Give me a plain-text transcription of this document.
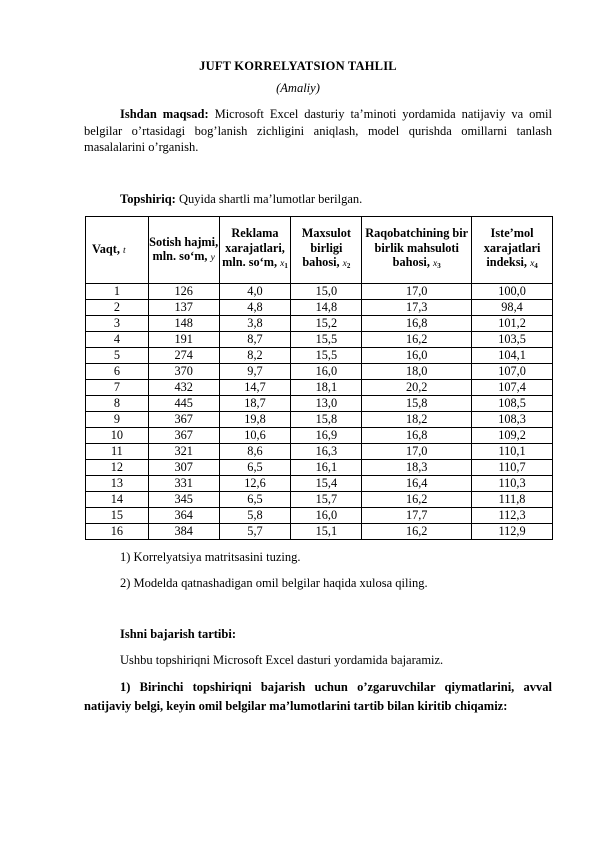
JUFT KORRELYATSION TAHLIL
(Amaliy)
Ishdan maqsad: Microsoft Excel dasturiy ta’minoti yordamida natijaviy va omil belgilar o’rtasidagi bog’lanish zichligini aniqlash, model qurishda omillarni tanlash masalalarini o’rganish.
Topshiriq: Quyida shartli ma’lumotlar berilgan.
Vaqt, t	Sotish hajmi, mln. so‘m, y	Reklama xarajatlari, mln. so‘m, $x_1$	Maxsulot birligi bahosi, $x_2$	Raqobatchining bir birlik mahsuloti bahosi, $x_3$	Iste’mol xarajatlari indeksi, $x_4$
1	126	4,0	15,0	17,0	100,0
2	137	4,8	14,8	17,3	98,4
3	148	3,8	15,2	16,8	101,2
4	191	8,7	15,5	16,2	103,5
5	274	8,2	15,5	16,0	104,1
6	370	9,7	16,0	18,0	107,0
7	432	14,7	18,1	20,2	107,4
8	445	18,7	13,0	15,8	108,5
9	367	19,8	15,8	18,2	108,3
10	367	10,6	16,9	16,8	109,2
11	321	8,6	16,3	17,0	110,1
12	307	6,5	16,1	18,3	110,7
13	331	12,6	15,4	16,4	110,3
14	345	6,5	15,7	16,2	111,8
15	364	5,8	16,0	17,7	112,3
16	384	5,7	15,1	16,2	112,9
1) Korrelyatsiya matritsasini tuzing.
2) Modelda qatnashadigan omil belgilar haqida xulosa qiling.
Ishni bajarish tartibi:
Ushbu topshiriqni Microsoft Excel dasturi yordamida bajaramiz.
1) Birinchi topshiriqni bajarish uchun o’zgaruvchilar qiymatlarini, avval natijaviy belgi, keyin omil belgilar ma’lumotlarini tartib bilan kiritib chiqamiz:
